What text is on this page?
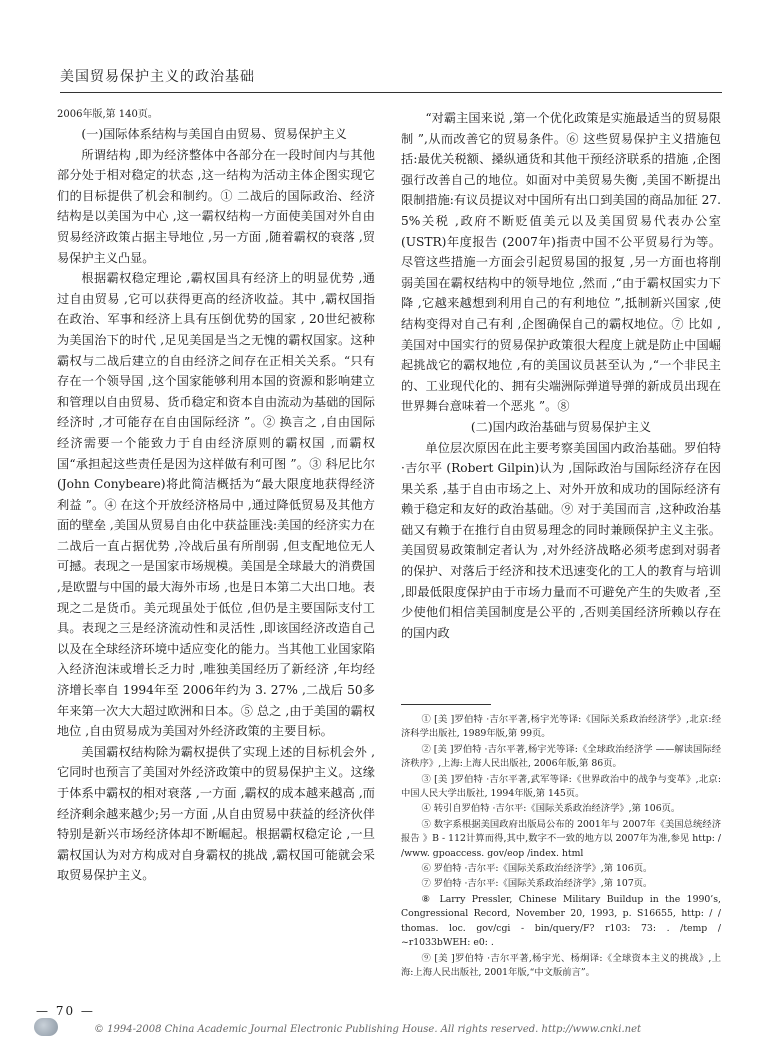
美国贸易保护主义的政治基础
2006年版,第 140页。
(一)国际体系结构与美国自由贸易、贸易保护主义

所谓结构 ,即为经济整体中各部分在一段时间内与其他部分处于相对稳定的状态 ,这一结构为活动主体企图实现它们的目标提供了机会和制约。① 二战后的国际政治、经济结构是以美国为中心 ,这一霸权结构一方面使美国对外自由贸易经济政策占据主导地位 ,另一方面 ,随着霸权的衰落 ,贸易保护主义凸显。

根据霸权稳定理论 ,霸权国具有经济上的明显优势 ,通过自由贸易 ,它可以获得更高的经济收益。其中 ,霸权国指在政治、军事和经济上具有压倒优势的国家 , 20世纪被称为美国治下的时代 ,足见美国是当之无愧的霸权国家。这种霸权与二战后建立的自由经济之间存在正相关关系。“只有存在一个领导国 ,这个国家能够利用本国的资源和影响建立和管理以自由贸易、货币稳定和资本自由流动为基础的国际经济时 ,才可能存在自由国际经济 ”。② 换言之 ,自由国际经济需要一个能致力于自由经济原则的霸权国 ,而霸权国“承担起这些责任是因为这样做有利可图 ”。③ 科尼比尔 (John Conybeare)将此简洁概括为“最大限度地获得经济利益 ”。④ 在这个开放经济格局中 ,通过降低贸易及其他方面的壁垒 ,美国从贸易自由化中获益匪浅:美国的经济实力在二战后一直占据优势 ,冷战后虽有所削弱 ,但支配地位无人可撼。表现之一是国家市场规模。美国是全球最大的消费国 ,是欧盟与中国的最大海外市场 ,也是日本第二大出口地。表现之二是货币。美元现虽处于低位 ,但仍是主要国际支付工具。表现之三是经济流动性和灵活性 ,即该国经济改造自己以及在全球经济环境中适应变化的能力。当其他工业国家陷入经济泡沫或增长乏力时 ,唯独美国经历了新经济 ,年均经济增长率自 1994年至 2006年约为 3. 27% ,二战后 50多年来第一次大大超过欧洲和日本。⑤ 总之 ,由于美国的霸权地位 ,自由贸易成为美国对外经济政策的主要目标。

美国霸权结构除为霸权提供了实现上述的目标机会外 ,它同时也预言了美国对外经济政策中的贸易保护主义。这缘于体系中霸权的相对衰落 ,一方面 ,霸权的成本越来越高 ,而经济剩余越来越少;另一方面 ,从自由贸易中获益的经济伙伴特别是新兴市场经济体却不断崛起。根据霸权稳定论 ,一旦霸权国认为对方构成对自身霸权的挑战 ,霸权国可能就会采取贸易保护主义。

“对霸主国来说 ,第一个优化政策是实施最适当的贸易限制 ”,从而改善它的贸易条件。⑥ 这些贸易保护主义措施包括:最优关税额、搡纵通货和其他干预经济联系的措施 ,企图强行改善自己的地位。如面对中美贸易失衡 ,美国不断提出限制措施:有议员提议对中国所有出口到美国的商品加征 27. 5%关税 ,政府不断贬值美元以及美国贸易代表办公室 (USTR)年度报告 (2007年)指责中国不公平贸易行为等。尽管这些措施一方面会引起贸易国的报复 ,另一方面也将削弱美国在霸权结构中的领导地位 ,然而 ,“由于霸权国实力下降 ,它越来越想到利用自己的有利地位 ”,抵制新兴国家 ,使结构变得对自己有利 ,企图确保自己的霸权地位。⑦ 比如 ,美国对中国实行的贸易保护政策很大程度上就是防止中国崛起挑战它的霸权地位 ,有的美国议员甚至认为 ,“一个非民主的、工业现代化的、拥有尖端洲际弹道导弹的新成员出现在世界舞台意味着一个恶兆 ”。⑧

(二)国内政治基础与贸易保护主义

单位层次原因在此主要考察美国国内政治基础。罗伯特 ·吉尔平 (Robert Gilpin)认为 ,国际政治与国际经济存在因果关系 ,基于自由市场之上、对外开放和成功的国际经济有赖于稳定和友好的政治基础。⑨ 对于美国而言 ,这种政治基础又有赖于在推行自由贸易理念的同时兼顾保护主义主张。美国贸易政策制定者认为 ,对外经济战略必须考虑到对弱者的保护、对落后于经济和技术迅速变化的工人的教育与培训 ,即最低限度保护由于市场力量而不可避免产生的失败者 ,至少使他们相信美国制度是公平的 ,否则美国经济所赖以存在的国内政

① [美 ]罗伯特 ·吉尔平著,杨宇光等译:《国际关系政治经济学》,北京:经济科学出版社, 1989年版,第 99页。

② [美 ]罗伯特 ·吉尔平著,杨宇光等译:《全球政治经济学 ——解读国际经济秩序》,上海:上海人民出版社, 2006年版,第 86页。

③ [美 ]罗伯特 ·吉尔平著,武军等译:《世界政治中的战争与变革》,北京:中国人民大学出版社, 1994年版,第 145页。

④ 转引自罗伯特 ·吉尔平:《国际关系政治经济学》,第 106页。

⑤ 数字系根据美国政府出版局公布的 2001年与 2007年《美国总统经济报告 》B - 112计算而得,其中,数字不一致的地方以 2007年为准,参见 http: / /www. gpoaccess. gov/eop /index. html

⑥ 罗伯特 ·吉尔平:《国际关系政治经济学》,第 106页。

⑦ 罗伯特 ·吉尔平:《国际关系政治经济学》,第 107页。

⑧ Larry Pressler, Chinese Military Buildup in the 1990’s, Congressional Record, November 20, 1993, p. S16655, http: / / thomas. loc. gov/cgi - bin/query/F? r103: 73: . /temp / ~r1033bWEH: e0: .

⑨ [美 ]罗伯特 ·吉尔平著,杨宇光、杨炯译:《全球资本主义的挑战》,上海:上海人民出版社, 2001年版,“中文版前言”。

— 70 —
© 1994-2008 China Academic Journal Electronic Publishing House. All rights reserved. http://www.cnki.net
